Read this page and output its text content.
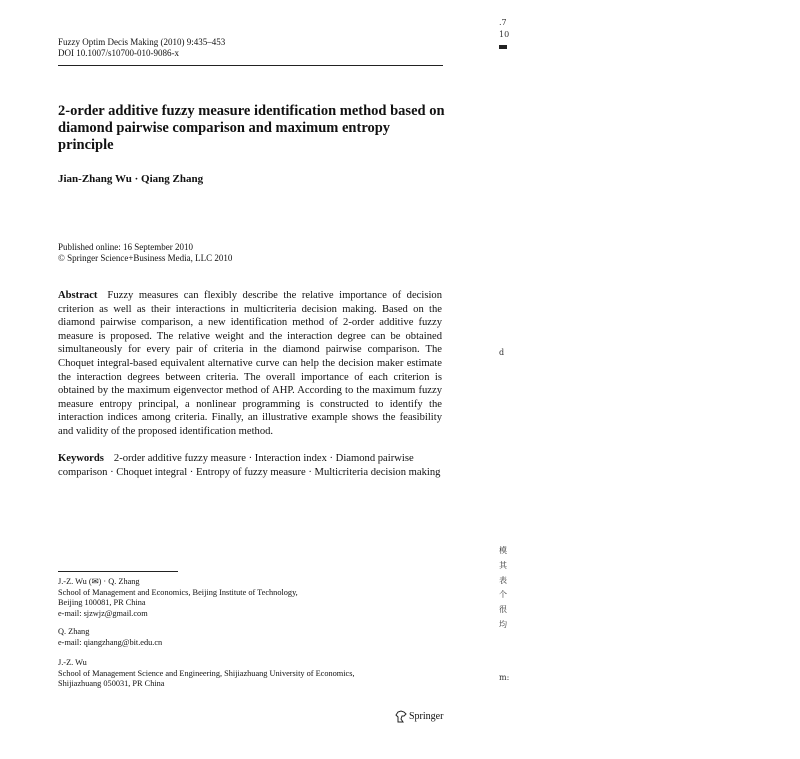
Fuzzy Optim Decis Making (2010) 9:435–453
DOI 10.1007/s10700-010-9086-x
2-order additive fuzzy measure identification method based on diamond pairwise comparison and maximum entropy principle
Jian-Zhang Wu · Qiang Zhang
Published online: 16 September 2010
© Springer Science+Business Media, LLC 2010

Abstract Fuzzy measures can flexibly describe the relative importance of decision criterion as well as their interactions in multicriteria decision making. Based on the diamond pairwise comparison, a new identification method of 2-order additive fuzzy measure is proposed. The relative weight and the interaction degree can be obtained simultaneously for every pair of criteria in the diamond pairwise comparison. The Choquet integral-based equivalent alternative curve can help the decision maker estimate the interaction degrees between criteria. The overall importance of each criterion is obtained by the maximum eigenvector method of AHP. According to the maximum fuzzy measure entropy principal, a nonlinear programming is constructed to identify the interaction indices among criteria. Finally, an illustrative example shows the feasibility and validity of the proposed identification method.

Keywords 2-order additive fuzzy measure · Interaction index · Diamond pairwise comparison · Choquet integral · Entropy of fuzzy measure · Multicriteria decision making

J.-Z. Wu (✉) · Q. Zhang
School of Management and Economics, Beijing Institute of Technology,
Beijing 100081, PR China
e-mail: sjzwjz@gmail.com
Q. Zhang
e-mail: qiangzhang@bit.edu.cn
J.-Z. Wu
School of Management Science and Engineering, Shijiazhuang University of Economics,
Shijiazhuang 050031, PR China
Springer
.7
10
d
模
其
表
个
很
均
m:
